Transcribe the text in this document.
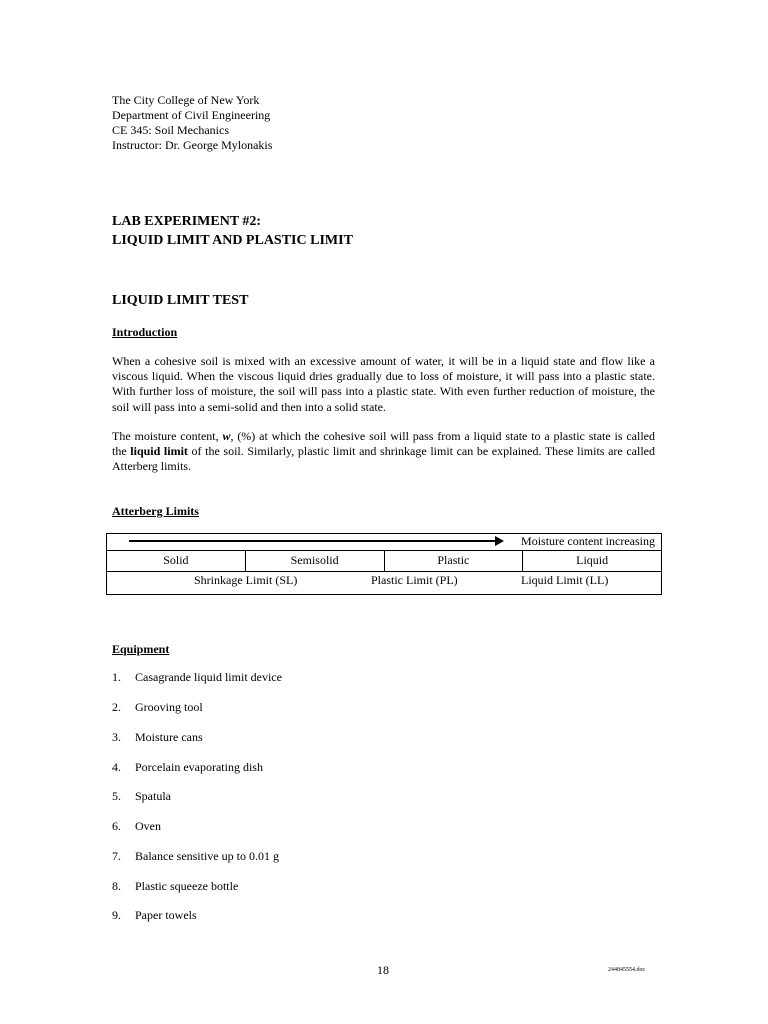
The City College of New York
Department of Civil Engineering
CE 345: Soil Mechanics
Instructor: Dr. George Mylonakis
LAB EXPERIMENT #2:
LIQUID LIMIT AND PLASTIC LIMIT
LIQUID LIMIT TEST
Introduction
When a cohesive soil is mixed with an excessive amount of water, it will be in a liquid state and flow like a viscous liquid. When the viscous liquid dries gradually due to loss of moisture, it will pass into a plastic state. With further loss of moisture, the soil will pass into a plastic state. With even further reduction of moisture, the soil will pass into a semi-solid and then into a solid state.
The moisture content, w, (%) at which the cohesive soil will pass from a liquid state to a plastic state is called the liquid limit of the soil. Similarly, plastic limit and shrinkage limit can be explained. These limits are called Atterberg limits.
Atterberg Limits
Moisture content increasing
Solid	Semisolid	Plastic	Liquid
Shrinkage Limit (SL)	Plastic Limit (PL)	Liquid Limit (LL)
Equipment
1. Casagrande liquid limit device
2. Grooving tool
3. Moisture cans
4. Porcelain evaporating dish
5. Spatula
6. Oven
7. Balance sensitive up to 0.01 g
8. Plastic squeeze bottle
9. Paper towels
18	244845554.doc
